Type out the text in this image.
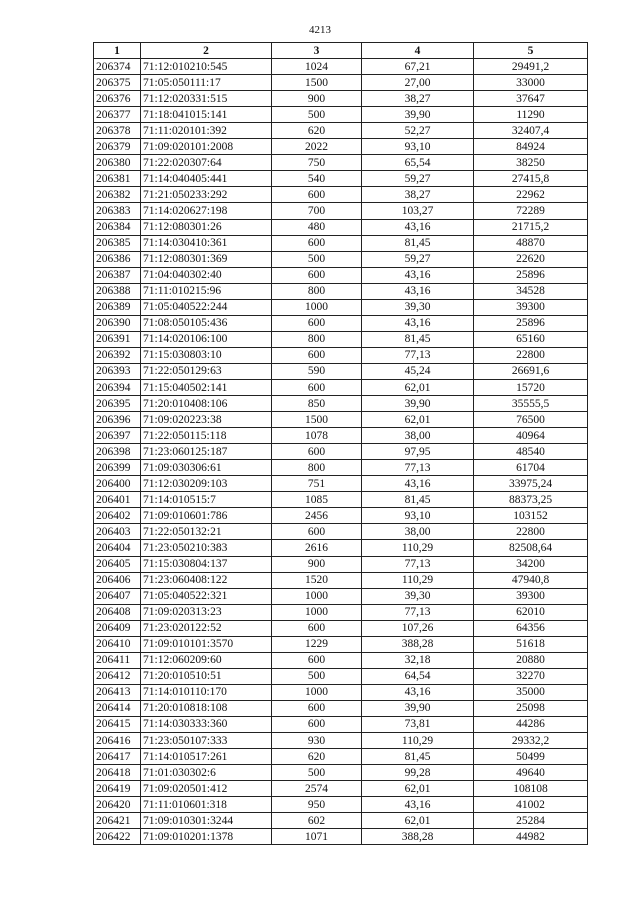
4213
1	2	3	4	5
206374	71:12:010210:545	1024	67,21	29491,2
206375	71:05:050111:17	1500	27,00	33000
206376	71:12:020331:515	900	38,27	37647
206377	71:18:041015:141	500	39,90	11290
206378	71:11:020101:392	620	52,27	32407,4
206379	71:09:020101:2008	2022	93,10	84924
206380	71:22:020307:64	750	65,54	38250
206381	71:14:040405:441	540	59,27	27415,8
206382	71:21:050233:292	600	38,27	22962
206383	71:14:020627:198	700	103,27	72289
206384	71:12:080301:26	480	43,16	21715,2
206385	71:14:030410:361	600	81,45	48870
206386	71:12:080301:369	500	59,27	22620
206387	71:04:040302:40	600	43,16	25896
206388	71:11:010215:96	800	43,16	34528
206389	71:05:040522:244	1000	39,30	39300
206390	71:08:050105:436	600	43,16	25896
206391	71:14:020106:100	800	81,45	65160
206392	71:15:030803:10	600	77,13	22800
206393	71:22:050129:63	590	45,24	26691,6
206394	71:15:040502:141	600	62,01	15720
206395	71:20:010408:106	850	39,90	35555,5
206396	71:09:020223:38	1500	62,01	76500
206397	71:22:050115:118	1078	38,00	40964
206398	71:23:060125:187	600	97,95	48540
206399	71:09:030306:61	800	77,13	61704
206400	71:12:030209:103	751	43,16	33975,24
206401	71:14:010515:7	1085	81,45	88373,25
206402	71:09:010601:786	2456	93,10	103152
206403	71:22:050132:21	600	38,00	22800
206404	71:23:050210:383	2616	110,29	82508,64
206405	71:15:030804:137	900	77,13	34200
206406	71:23:060408:122	1520	110,29	47940,8
206407	71:05:040522:321	1000	39,30	39300
206408	71:09:020313:23	1000	77,13	62010
206409	71:23:020122:52	600	107,26	64356
206410	71:09:010101:3570	1229	388,28	51618
206411	71:12:060209:60	600	32,18	20880
206412	71:20:010510:51	500	64,54	32270
206413	71:14:010110:170	1000	43,16	35000
206414	71:20:010818:108	600	39,90	25098
206415	71:14:030333:360	600	73,81	44286
206416	71:23:050107:333	930	110,29	29332,2
206417	71:14:010517:261	620	81,45	50499
206418	71:01:030302:6	500	99,28	49640
206419	71:09:020501:412	2574	62,01	108108
206420	71:11:010601:318	950	43,16	41002
206421	71:09:010301:3244	602	62,01	25284
206422	71:09:010201:1378	1071	388,28	44982
